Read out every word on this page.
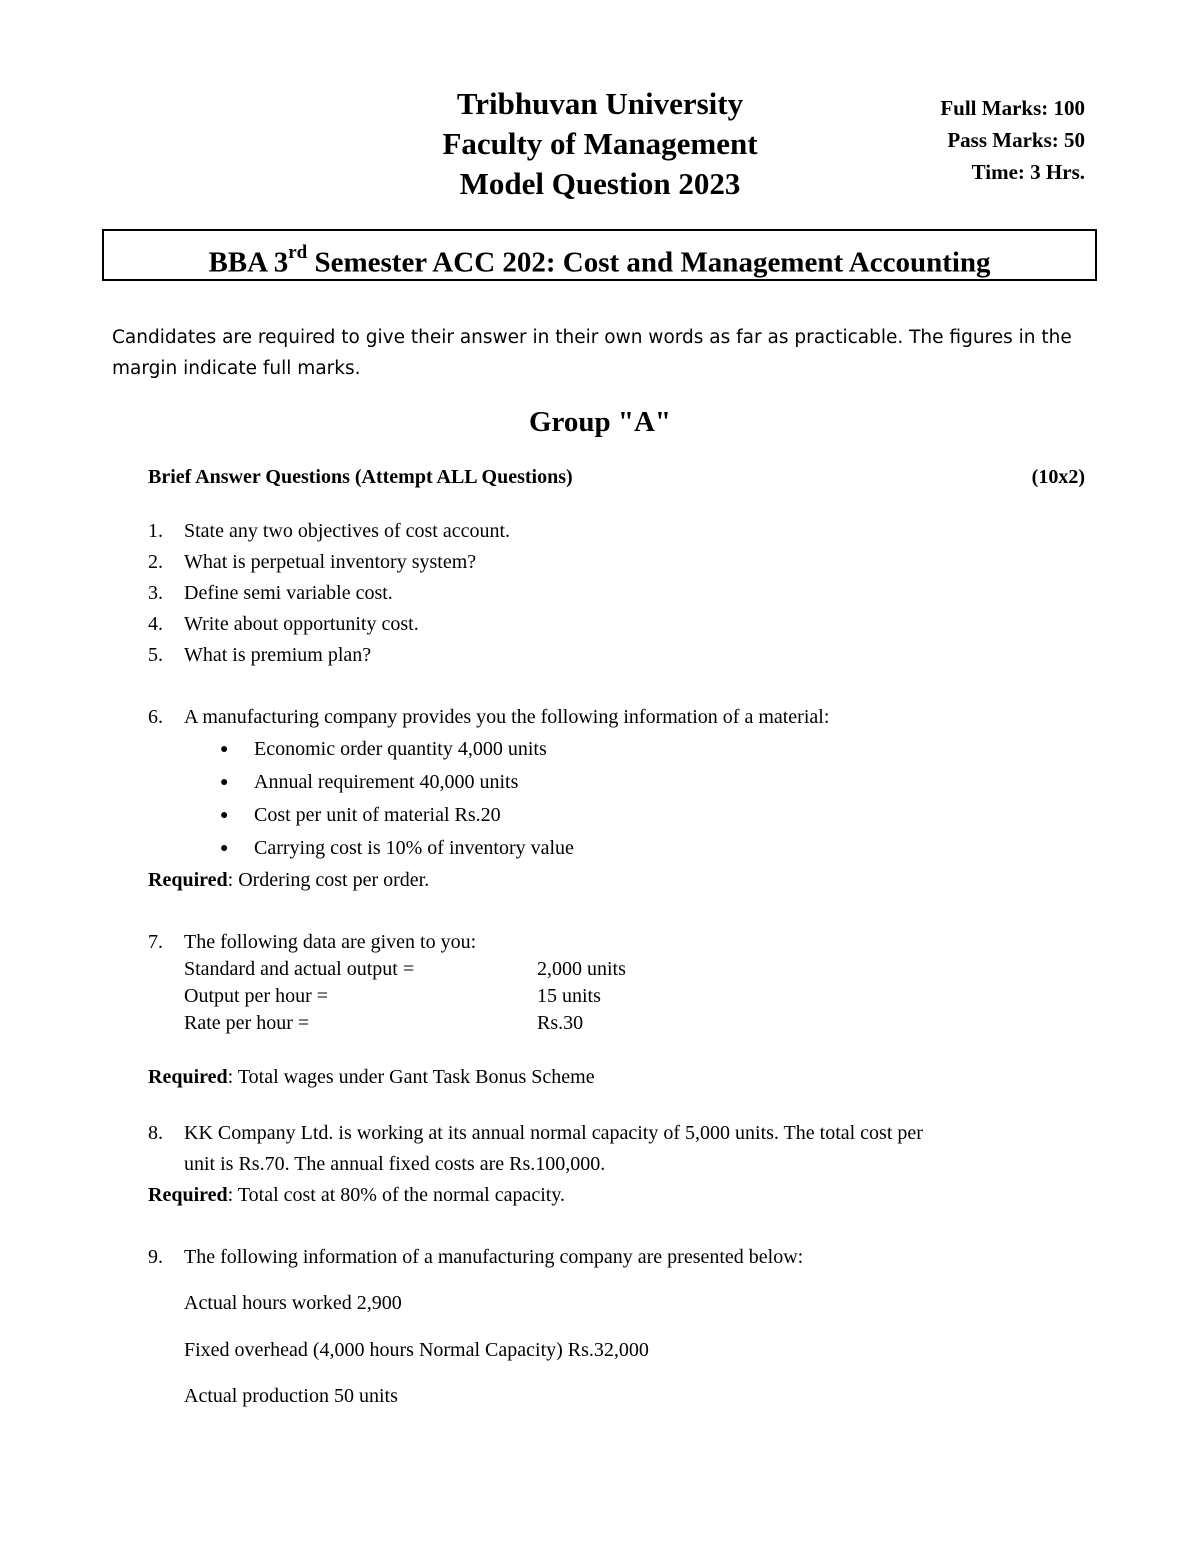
Tribhuvan University
Faculty of Management
Model Question 2023
Full Marks: 100
Pass Marks: 50
Time: 3 Hrs.
BBA 3rd Semester ACC 202: Cost and Management Accounting
Candidates are required to give their answer in their own words as far as practicable. The figures in the margin indicate full marks.
Group "A"
Brief Answer Questions (Attempt ALL Questions)	(10x2)
1. State any two objectives of cost account.
2. What is perpetual inventory system?
3. Define semi variable cost.
4. Write about opportunity cost.
5. What is premium plan?
6. A manufacturing company provides you the following information of a material:
● Economic order quantity 4,000 units
● Annual requirement 40,000 units
● Cost per unit of material Rs.20
● Carrying cost is 10% of inventory value
Required: Ordering cost per order.
7. The following data are given to you:
Standard and actual output =	2,000 units
Output per hour =	15 units
Rate per hour =	Rs.30
Required: Total wages under Gant Task Bonus Scheme
8. KK Company Ltd. is working at its annual normal capacity of 5,000 units. The total cost per
unit is Rs.70. The annual fixed costs are Rs.100,000.
Required: Total cost at 80% of the normal capacity.
9. The following information of a manufacturing company are presented below:
Actual hours worked 2,900
Fixed overhead (4,000 hours Normal Capacity) Rs.32,000
Actual production 50 units
